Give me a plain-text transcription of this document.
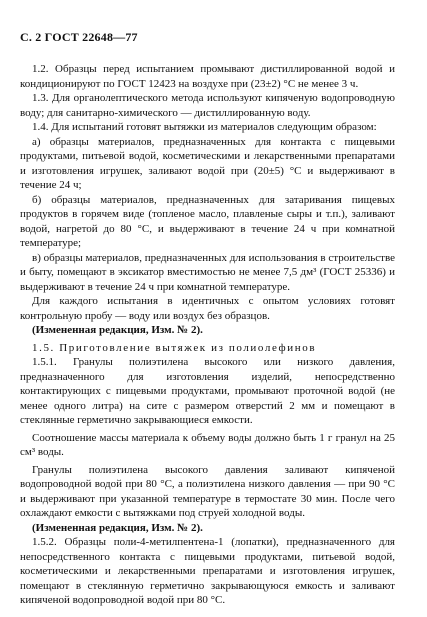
С. 2 ГОСТ 22648—77

1.2. Образцы перед испытанием промывают дистиллированной водой и кондиционируют по ГОСТ 12423 на воздухе при (23±2) °С не менее 3 ч.

1.3. Для органолептического метода используют кипяченую водопроводную воду; для санитарно-химического — дистиллированную воду.

1.4. Для испытаний готовят вытяжки из материалов следующим образом:

а) образцы материалов, предназначенных для контакта с пищевыми продуктами, питьевой водой, косметическими и лекарственными препаратами и изготовления игрушек, заливают водой при (20±5) °С и выдерживают в течение 24 ч;

б) образцы материалов, предназначенных для затаривания пищевых продуктов в горячем виде (топленое масло, плавленые сыры и т.п.), заливают водой, нагретой до 80 °С, и выдерживают в течение 24 ч при комнатной температуре;

в) образцы материалов, предназначенных для использования в строительстве и быту, помещают в эксикатор вместимостью не менее 7,5 дм³ (ГОСТ 25336) и выдерживают в течение 24 ч при комнатной температуре.

Для каждого испытания в идентичных с опытом условиях готовят контрольную пробу — воду или воздух без образцов.

(Измененная редакция, Изм. № 2).

1.5. Приготовление вытяжек из полиолефинов

1.5.1. Гранулы полиэтилена высокого или низкого давления, предназначенного для изготовления изделий, непосредственно контактирующих с пищевыми продуктами, промывают проточной водой (не менее одного литра) на сите с размером отверстий 2 мм и помещают в стеклянные герметично закрывающиеся емкости.

Соотношение массы материала к объему воды должно быть 1 г гранул на 25 см³ воды.

Гранулы полиэтилена высокого давления заливают кипяченой водопроводной водой при 80 °С, а полиэтилена низкого давления — при 90 °С и выдерживают при указанной температуре в термостате 30 мин. После чего охлаждают емкости с вытяжками под струей холодной воды.

(Измененная редакция, Изм. № 2).

1.5.2. Образцы поли-4-метилпентена-1 (лопатки), предназначенного для непосредственного контакта с пищевыми продуктами, питьевой водой, косметическими и лекарственными препаратами и изготовления игрушек, помещают в стеклянную герметично закрывающуюся емкость и заливают кипяченой водопроводной водой при 80 °С.
